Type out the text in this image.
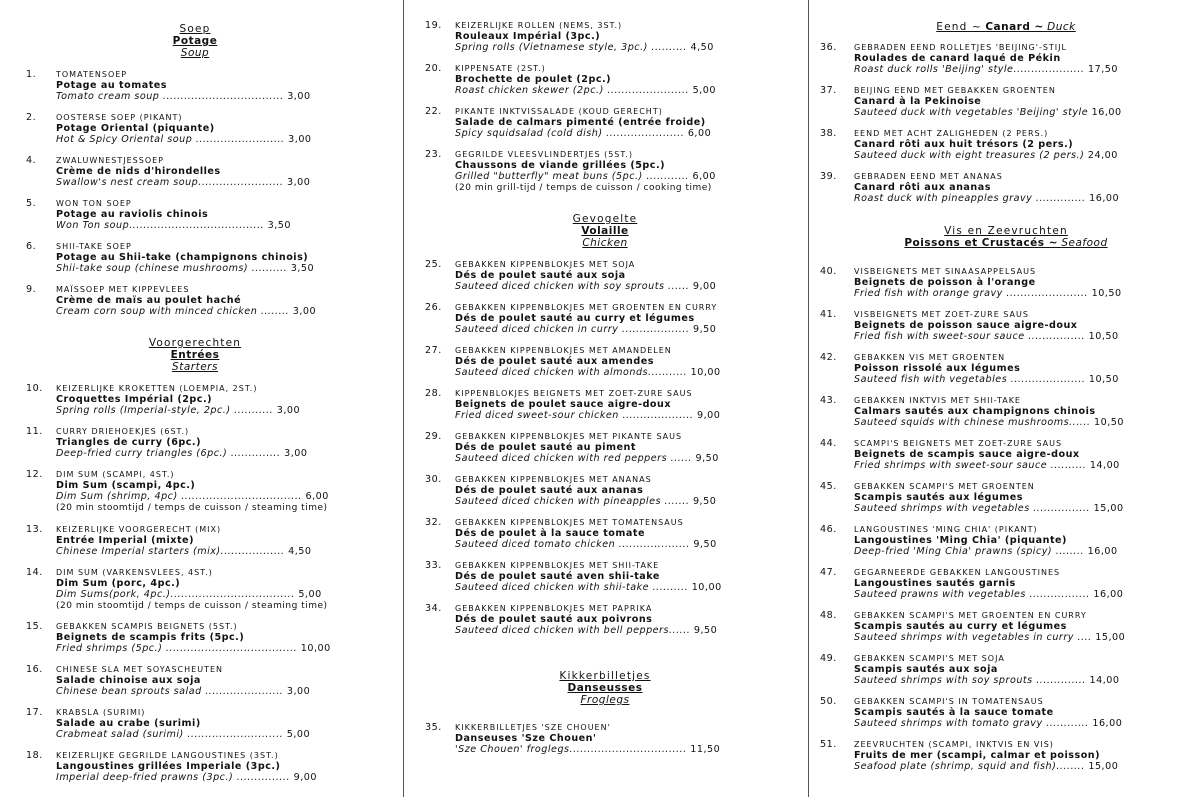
Soep
Potage
Soup
Voorgerechten
Entrées
Starters
1.	TOMATENSOEP
Potage au tomates
Tomato cream soup .................................. 3,00
2.	OOSTERSE SOEP (PIKANT)
Potage Oriental (piquante)
Hot & Spicy Oriental soup ......................... 3,00
4.	ZWALUWNESTJESSOEP
Crème de nids d'hirondelles
Swallow's nest cream soup........................ 3,00
5.	WON TON SOEP
Potage au raviolis chinois
Won Ton soup...................................... 3,50
6.	SHII-TAKE SOEP
Potage au Shii-take (champignons chinois)
Shii-take soup (chinese mushrooms) .......... 3,50
9.	MAÏSSOEP MET KIPPEVLEES
Crème de maïs au poulet haché
Cream corn soup with minced chicken ........ 3,00
10.	KEIZERLIJKE KROKETTEN (LOEMPIA, 2ST.)
Croquettes Impérial (2pc.)
Spring rolls (Imperial-style, 2pc.) ........... 3,00
11.	CURRY DRIEHOEKJES (6ST.)
Triangles de curry (6pc.)
Deep-fried curry triangles (6pc.) .............. 3,00
12.	DIM SUM (SCAMPI, 4ST.)
Dim Sum (scampi, 4pc.)
Dim Sum (shrimp, 4pc) .................................. 6,00
(20 min stoomtijd / temps de cuisson / steaming time)
13.	KEIZERLIJKE VOORGERECHT (MIX)
Entrée Imperial (mixte)
Chinese Imperial starters (mix).................. 4,50
14.	DIM SUM (VARKENSVLEES, 4ST.)
Dim Sum (porc, 4pc.)
Dim Sums(pork, 4pc.)................................... 5,00
(20 min stoomtijd / temps de cuisson / steaming time)
15.	GEBAKKEN SCAMPIS BEIGNETS (5ST.)
Beignets de scampis frits (5pc.)
Fried shrimps (5pc.) ..................................... 10,00
16.	CHINESE SLA MET SOYASCHEUTEN
Salade chinoise aux soja
Chinese bean sprouts salad ...................... 3,00
17.	KRABSLA (SURIMI)
Salade au crabe (surimi)
Crabmeat salad (surimi) ........................... 5,00
18.	KEIZERLIJKE GEGRILDE LANGOUSTINES (3ST.)
Langoustines grillées Imperiale (3pc.)
Imperial deep-fried prawns (3pc.) ............... 9,00
Gevogelte
Volaille
Chicken
Kikkerbilletjes
Danseusses
Froglegs
19.	KEIZERLIJKE ROLLEN (NEMS, 3ST.)
Rouleaux Impérial (3pc.)
Spring rolls (Vietnamese style, 3pc.) .......... 4,50
20.	KIPPENSATE (2ST.)
Brochette de poulet (2pc.)
Roast chicken skewer (2pc.) ....................... 5,00
22.	PIKANTE INKTVISSALADE (KOUD GERECHT)
Salade de calmars pimenté (entrée froide)
Spicy squidsalad (cold dish) ...................... 6,00
23.	GEGRILDE VLEESVLINDERTJES (5ST.)
Chaussons de viande grillées (5pc.)
Grilled "butterfly" meat buns (5pc.) ............ 6,00
(20 min grill-tijd / temps de cuisson / cooking time)
25.	GEBAKKEN KIPPENBLOKJES MET SOJA
Dés de poulet sauté aux soja
Sauteed diced chicken with soy sprouts ...... 9,00
26.	GEBAKKEN KIPPENBLOKJES MET GROENTEN EN CURRY
Dés de poulet sauté au curry et légumes
Sauteed diced chicken in curry ................... 9,50
27.	GEBAKKEN KIPPENBLOKJES MET AMANDELEN
Dés de poulet sauté aux amendes
Sauteed diced chicken with almonds........... 10,00
28.	KIPPENBLOKJES BEIGNETS MET ZOET-ZURE SAUS
Beignets de poulet sauce aigre-doux
Fried diced sweet-sour chicken .................... 9,00
29.	GEBAKKEN KIPPENBLOKJES MET PIKANTE SAUS
Dés de poulet sauté au piment
Sauteed diced chicken with red peppers ...... 9,50
30.	GEBAKKEN KIPPENBLOKJES MET ANANAS
Dés de poulet sauté aux ananas
Sauteed diced chicken with pineapples ....... 9,50
32.	GEBAKKEN KIPPENBLOKJES MET TOMATENSAUS
Dés de poulet à la sauce tomate
Sauteed diced tomato chicken .................... 9,50
33.	GEBAKKEN KIPPENBLOKJES MET SHII-TAKE
Dés de poulet sauté aven shii-take
Sauteed diced chicken with shii-take .......... 10,00
34.	GEBAKKEN KIPPENBLOKJES MET PAPRIKA
Dés de poulet sauté aux poivrons
Sauteed diced chicken with bell peppers...... 9,50
35.	KIKKERBILLETJES 'SZE CHOUEN'
Danseuses 'Sze Chouen'
'Sze Chouen' froglegs................................. 11,50
Eend ~ Canard ~ Duck
Vis en Zeevruchten
Poissons et Crustacés ~ Seafood
36.	GEBRADEN EEND ROLLETJES 'BEIJING'-STIJL
Roulades de canard laqué de Pékin
Roast duck rolls 'Beijing' style.................... 17,50
37.	BEIJING EEND MET GEBAKKEN GROENTEN
Canard à la Pekinoise
Sauteed duck with vegetables 'Beijing' style 16,00
38.	EEND MET ACHT ZALIGHEDEN (2 PERS.)
Canard rôti aux huit trésors (2 pers.)
Sauteed duck with eight treasures (2 pers.) 24,00
39.	GEBRADEN EEND MET ANANAS
Canard rôti aux ananas
Roast duck with pineapples gravy .............. 16,00
40.	VISBEIGNETS MET SINAASAPPELSAUS
Beignets de poisson à l'orange
Fried fish with orange gravy ....................... 10,50
41.	VISBEIGNETS MET ZOET-ZURE SAUS
Beignets de poisson sauce aigre-doux
Fried fish with sweet-sour sauce ................ 10,50
42.	GEBAKKEN VIS MET GROENTEN
Poisson rissolé aux légumes
Sauteed fish with vegetables ..................... 10,50
43.	GEBAKKEN INKTVIS MET SHII-TAKE
Calmars sautés aux champignons chinois
Sauteed squids with chinese mushrooms...... 10,50
44.	SCAMPI'S BEIGNETS MET ZOET-ZURE SAUS
Beignets de scampis sauce aigre-doux
Fried shrimps with sweet-sour sauce .......... 14,00
45.	GEBAKKEN SCAMPI'S MET GROENTEN
Scampis sautés aux légumes
Sauteed shrimps with vegetables ................ 15,00
46.	LANGOUSTINES 'MING CHIA' (PIKANT)
Langoustines 'Ming Chia' (piquante)
Deep-fried 'Ming Chia' prawns (spicy) ........ 16,00
47.	GEGARNEERDE GEBAKKEN LANGOUSTINES
Langoustines sautés garnis
Sauteed prawns with vegetables ................. 16,00
48.	GEBAKKEN SCAMPI'S MET GROENTEN EN CURRY
Scampis sautés au curry et légumes
Sauteed shrimps with vegetables in curry .... 15,00
49.	GEBAKKEN SCAMPI'S MET SOJA
Scampis sautés aux soja
Sauteed shrimps with soy sprouts .............. 14,00
50.	GEBAKKEN SCAMPI'S IN TOMATENSAUS
Scampis sautés à la sauce tomate
Sauteed shrimps with tomato gravy ............ 16,00
51.	ZEEVRUCHTEN (SCAMPI, INKTVIS EN VIS)
Fruits de mer (scampi, calmar et poisson)
Seafood plate (shrimp, squid and fish)........ 15,00
